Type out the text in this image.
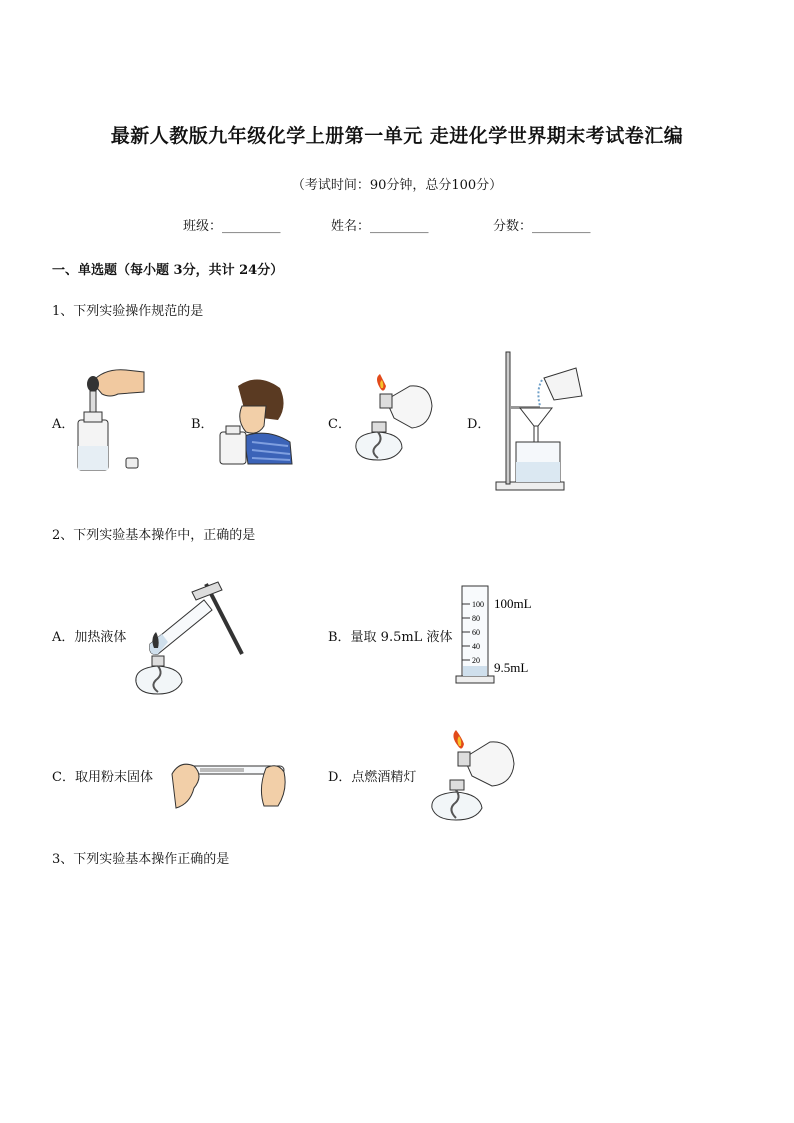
最新人教版九年级化学上册第一单元 走进化学世界期末考试卷汇编
（考试时间：90分钟，总分100分）
班级：_________	姓名：_________	分数：_________
一、单选题（每小题 3分，共计 24分）
1、下列实验操作规范的是
A．	B．	C．	D．
2、下列实验基本操作中，正确的是
A．加热液体	B．量取 9.5mL 液体
C．取用粉末固体	D．点燃酒精灯
100
80
60
40
20
100mL
9.5mL
3、下列实验基本操作正确的是
